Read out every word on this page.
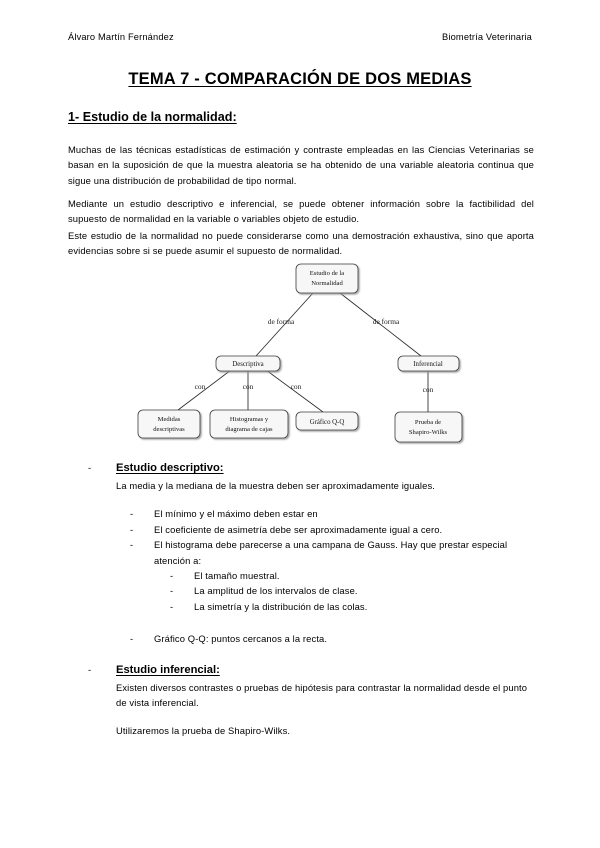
Álvaro Martín Fernández	Biometría Veterinaria
TEMA 7 - COMPARACIÓN DE DOS MEDIAS
1- Estudio de la normalidad:
Muchas de las técnicas estadísticas de estimación y contraste empleadas en las Ciencias Veterinarias se basan en la suposición de que la muestra aleatoria se ha obtenido de una variable aleatoria continua que sigue una distribución de probabilidad de tipo normal.
Mediante un estudio descriptivo e inferencial, se puede obtener información sobre la factibilidad del supuesto de normalidad en la variable o variables objeto de estudio.
Este estudio de la normalidad no puede considerarse como una demostración exhaustiva, sino que aporta evidencias sobre si se puede asumir el supuesto de normalidad.
de forma	de forma
con	con	con	con
Estudio de la
Normalidad
Descriptiva	Inferencial
Medidas
descriptivas
Histogramas y
diagrama de cajas
Gráfico Q-Q	Prueba de
Shapiro-Wilks
- Estudio descriptivo:
La media y la mediana de la muestra deben ser aproximadamente iguales.
- El mínimo y el máximo deben estar en
- El coeficiente de asimetría debe ser aproximadamente igual a cero.
- El histograma debe parecerse a una campana de Gauss. Hay que prestar especial atención a:
- El tamaño muestral.
- La amplitud de los intervalos de clase.
- La simetría y la distribución de las colas.
- Gráfico Q-Q: puntos cercanos a la recta.
- Estudio inferencial:
Existen diversos contrastes o pruebas de hipótesis para contrastar la normalidad desde el punto de vista inferencial.
Utilizaremos la prueba de Shapiro-Wilks.
